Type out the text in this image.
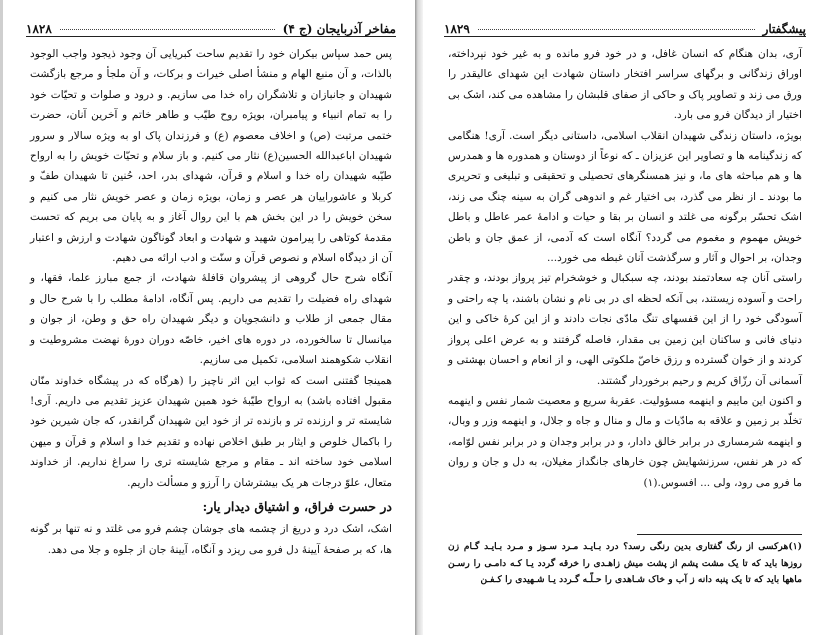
مفاخر آذربایجان (ج ۴)
۱۸۲۸

پس حمد سپاس بیکران خود را تقدیم ساحت کبریایی آن وجود ذیجود واجب الوجود بالذات، و آن منبع الهام و منشأ اصلی خیرات و برکات، و آن ملجأ و مرجع بازگشت شهیدان و جانبازان و تلاشگران راه خدا می سازیم. و درود و صلوات و تحیّات خود را به تمام انبیاء و پیامبران، بویژه روح طیّب و طاهر خاتم و آخرین آنان، حضرت ختمی مرتبت (ص) و اخلاف معصوم (ع) و فرزندان پاک او به ویژه سالار و سرور شهیدان اباعبدالله الحسین(ع) نثار می کنیم. و باز سلام و تحیّات خویش را به ارواح طیّبه شهیدان راه خدا و اسلام و قرآن، شهدای بدر، احد، حُنین تا شهیدان طفّ و کربلا و عاشوراییان هر عصر و زمان، بویژه زمان و عصر خویش نثار می کنیم و سخن خویش را در این بخش هم با این روال آغاز و به پایان می بریم که تحست مقدمهٔ کوتاهی را پیرامون شهید و شهادت و ابعاد گوناگون شهادت و ارزش و اعتبار آن از دیدگاه اسلام و نصوص قرآن و سنّت و ادب ارائه می دهیم.

آنگاه شرح حال گروهی از پیشروان قافلهٔ شهادت، از جمع مبارز علما، فقها، و شهدای راه فضیلت را تقدیم می داریم. پس آنگاه، ادامهٔ مطلب را با شرح حال و مقال جمعی از طلاب و دانشجویان و دیگر شهیدان راه حق و وطن، از جوان و میانسال تا سالخورده، در دوره های اخیر، خاصّه دوران دورهٔ نهضت مشروطیت و انقلاب شکوهمند اسلامی، تکمیل می سازیم.

همینجا گفتنی است که ثواب این اثر ناچیز را (هرگاه که در پیشگاه خداوند منّان مقبول افتاده باشد) به ارواح طیّبهٔ خود همین شهیدان عزیز تقدیم می داریم. آری! شایسته تر و ارزنده تر و بازنده تر از خود این شهیدان گرانقدر، که جان شیرین خود را باکمال خلوص و ایثار بر طبق اخلاص نهاده و تقدیم خدا و اسلام و قرآن و میهن اسلامی خود ساخته اند ـ مقام و مرجع شایسته تری را سراغ نداریم. از خداوند متعال، علوّ درجات هر یک بیشترشان را آرزو و مسألت داریم.

در حسرت فراق، و اشتیاق دیدار یار:

اشک، اشک درد و دریغ از چشمه های جوشان چشم فرو می غلتد و نه تنها بر گونه ها، که بر صفحهٔ آیینهٔ دل فرو می ریزد و آنگاه، آیینهٔ جان از جلوه و جلا می دهد.

پیشگفتار
۱۸۲۹

آری، بدان هنگام که انسان غافل، و در خود فرو مانده و به غیر خود نپرداخته، اوراق زندگانی و برگهای سراسر افتخار داستان شهادت این شهدای عالیقدر را ورق می زند و تصاویر پاک و حاکی از صفای قلبشان را مشاهده می کند، اشک بی اختیار از دیدگان فرو می بارد.

بویژه، داستان زندگی شهیدان انقلاب اسلامی، داستانی دیگر است. آری! هنگامی که زندگینامه ها و تصاویر این عزیزان ـ که نوعاً از دوستان و همدوره ها و همدرس ها و هم مباحثه های ما، و نیز همسنگرهای تحصیلی و تحقیقی و تبلیغی و تحریری ما بودند ـ از نظر می گذرد، بی اختیار غم و اندوهی گران به سینه چنگ می زند، اشک تحسّر برگونه می غلتد و انسان بر بقا و حیات و ادامهٔ عمر عاطل و باطل خویش مهموم و مغموم می گردد؟ آنگاه است که آدمی، از عمق جان و باطن وجدان، بر احوال و آثار و سرگذشت آنان غبطه می خورد...

راستی آنان چه سعادتمند بودند، چه سبکبال و خوشخرام تیز پرواز بودند، و چقدر راحت و آسوده زیستند، بی آنکه لحظه ای در بی نام و نشان باشند، یا چه راحتی و آسودگی خود را از این قفسهای تنگ مادّی نجات دادند و از این کرهٔ خاکی و این دنیای فانی و ساکنان این زمین بی مقدار، فاصله گرفتند و به عرض اعلی پرواز کردند و از خوان گسترده و رزق خاصّ ملکوتی الهی، و از انعام و احسان بهشتی و آسمانی آن رزّاق کریم و رحیم برخوردار گشتند.

و اکنون این ماییم و اینهمه مسؤولیت. عقربهٔ سریع و معصیت شمار نفس و اینهمه تخلّد بر زمین و علاقه به مادّیات و مال و منال و جاه و جلال، و اینهمه وزر و وبال، و اینهمه شرمساری در برابر خالق دادار، و در برابر وجدان و در برابر نفس لوّامه، که در هر نفس، سرزنشهایش چون خارهای جانگداز مغیلان، به دل و جان و روان ما فرو می رود، ولی ... افسوس.(۱)

(۱)هرکسی از رنگ گفتاری بدین رنگی رسد؟ درد بـایـد مـرد سـوز و مـرد بـایـد گـام زن روزها باید که تا یک مشت پشم از پشت میش زاهـدی را خرقه گردد یـا کـه دامـی را رسـن ماهها باید که تا یک پنبه دانه ز آب و خاک شـاهدی را حـلّـه گـردد یـا شـهیدی را کـفـن
